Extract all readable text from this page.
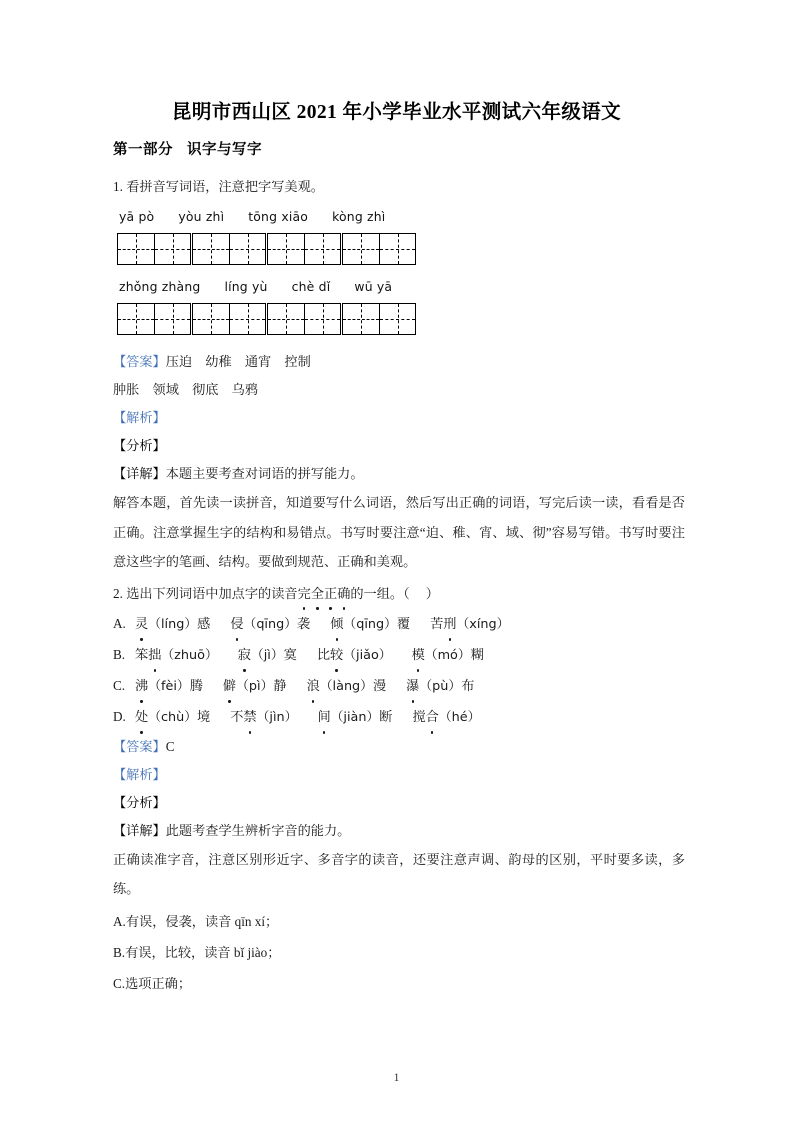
昆明市西山区 2021 年小学毕业水平测试六年级语文
第一部分 识字与写字

1. 看拼音写词语，注意把字写美观。

yā pò yòu zhì tōng xiāo kòng zhì

zhǒng zhàng líng yù chè dǐ wū yā

【答案】压迫　幼稚　通宵　控制

肿胀　领域　彻底　乌鸦

【解析】

【分析】

【详解】本题主要考查对词语的拼写能力。

解答本题，首先读一读拼音，知道要写什么词语，然后写出正确的词语，写完后读一读，看看是否正确。注意掌握生字的结构和易错点。书写时要注意“迫、稚、宵、域、彻”容易写错。书写时要注意这些字的笔画、结构。要做到规范、正确和美观。

2. 选出下列词语中加点字的读音完全正确的一组。（ ）

A. 灵（líng）感 侵（qīng）袭 倾（qīng）覆 苦刑（xíng）

B. 笨拙（zhuō） 寂（jì）寞 比较（jiǎo） 模（mó）糊

C. 沸（fèi）腾 僻（pì）静 浪（làng）漫 瀑（pù）布

D. 处（chù）境 不禁（jìn） 间（jiàn）断 搅合（hé）

【答案】C

【解析】

【分析】

【详解】此题考查学生辨析字音的能力。

正确读准字音，注意区别形近字、多音字的读音，还要注意声调、韵母的区别，平时要多读，多练。

A.有误，侵袭，读音 qīn xí；

B.有误，比较，读音 bǐ jiào；

C.选项正确；

1
